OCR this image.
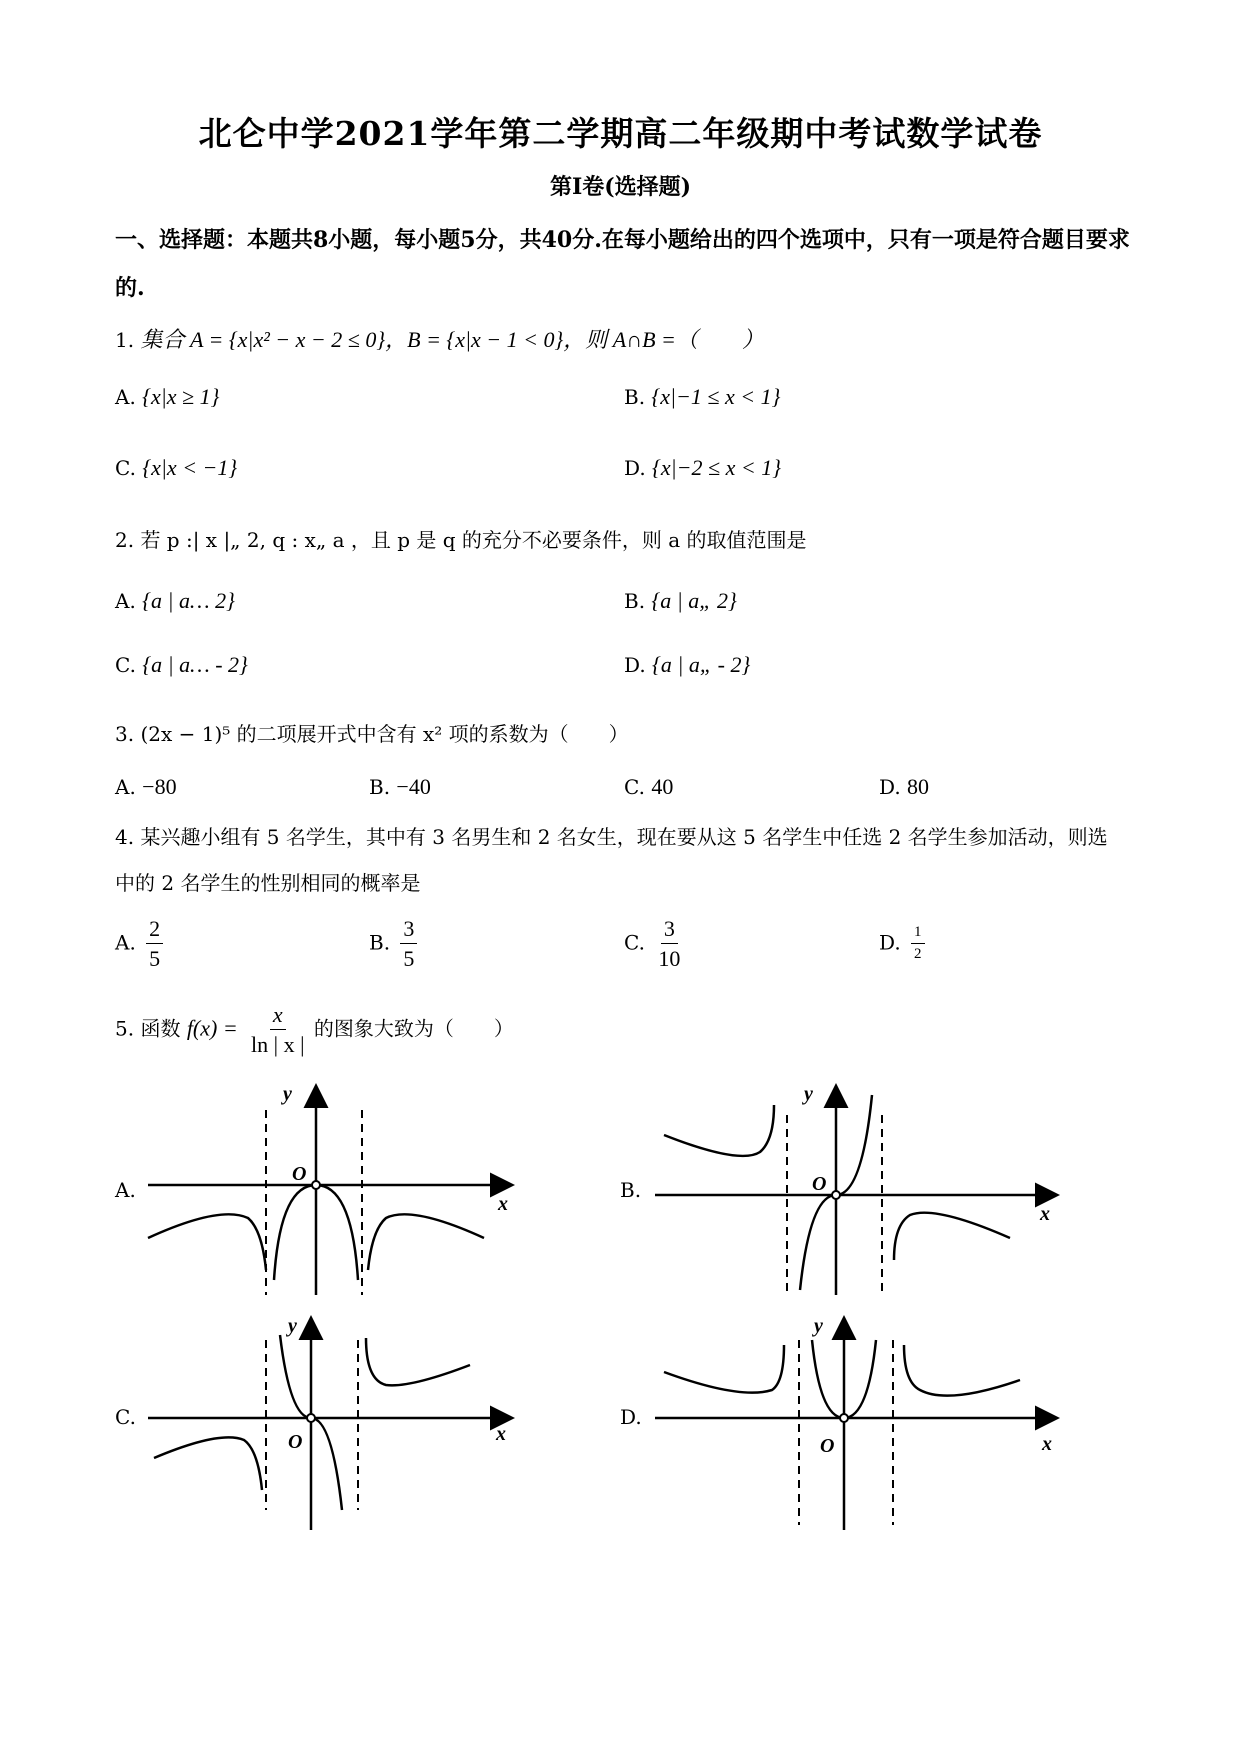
北仑中学2021学年第二学期高二年级期中考试数学试卷
第I卷(选择题)
一、选择题：本题共8小题，每小题5分，共40分.在每小题给出的四个选项中，只有一项是符合题目要求的.
1. 集合 A = {x|x² − x − 2 ≤ 0}，B = {x|x − 1 < 0}，则 A∩B =（　　）
A. {x|x ≥ 1}	B. {x|−1 ≤ x < 1}
C. {x|x < −1}	D. {x|−2 ≤ x < 1}
2. 若 p :| x |„ 2, q : x„ a ，且 p 是 q 的充分不必要条件，则 a 的取值范围是
A. {a | a… 2}	B. {a | a„ 2}
C. {a | a… - 2}	D. {a | a„ - 2}
3. (2x − 1)⁵ 的二项展开式中含有 x² 项的系数为（　　）
A. −80	B. −40	C. 40	D. 80
4. 某兴趣小组有 5 名学生，其中有 3 名男生和 2 名女生，现在要从这 5 名学生中任选 2 名学生参加活动，则选中的 2 名学生的性别相同的概率是
A. $\frac{2}{5}$	B. $\frac{3}{5}$	C. $\frac{3}{10}$	D. $\frac{1}{2}$
5. 函数 $f(x) = \frac{x}{\ln | x |}$ 的图象大致为（　　）
A.	B.
C.	D.
O
y
x
O
y
x
O
y
x
O
y
x
